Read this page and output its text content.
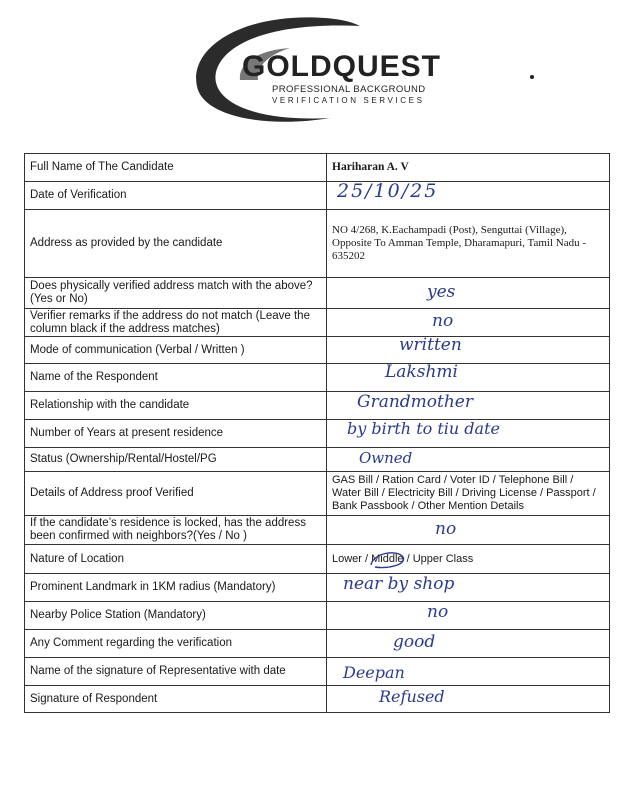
GOLDQUEST
PROFESSIONAL BACKGROUND
VERIFICATION SERVICES
Full Name of The Candidate	Hariharan A. V
Date of Verification	25/10/25

Address as provided by the candidate	NO 4/268, K.Eachampadi (Post), Senguttai (Village), Opposite To Amman Temple, Dharamapuri, Tamil Nadu - 635202
Does physically verified address match with the above? (Yes or No)	yes

Verifier remarks if the address do not match (Leave the column black if the address matches)	no

Mode of communication (Verbal / Written )	written

Name of the Respondent	Lakshmi

Relationship with the candidate	Grandmother

Number of Years at present residence	by birth to tiu date

Status (Ownership/Rental/Hostel/PG	Owned

Details of Address proof Verified	GAS Bill / Ration Card / Voter ID / Telephone Bill / Water Bill / Electricity Bill / Driving License / Passport / Bank Passbook / Other Mention Details
If the candidate’s residence is locked, has the address been confirmed with neighbors?(Yes / No )	no

Nature of Location	Lower / Middle / Upper Class

Prominent Landmark in 1KM radius (Mandatory)	near by shop

Nearby Police Station (Mandatory)	no

Any Comment regarding the verification	good

Name of the signature of Representative with date	Deepan

Signature of Respondent	Refused
